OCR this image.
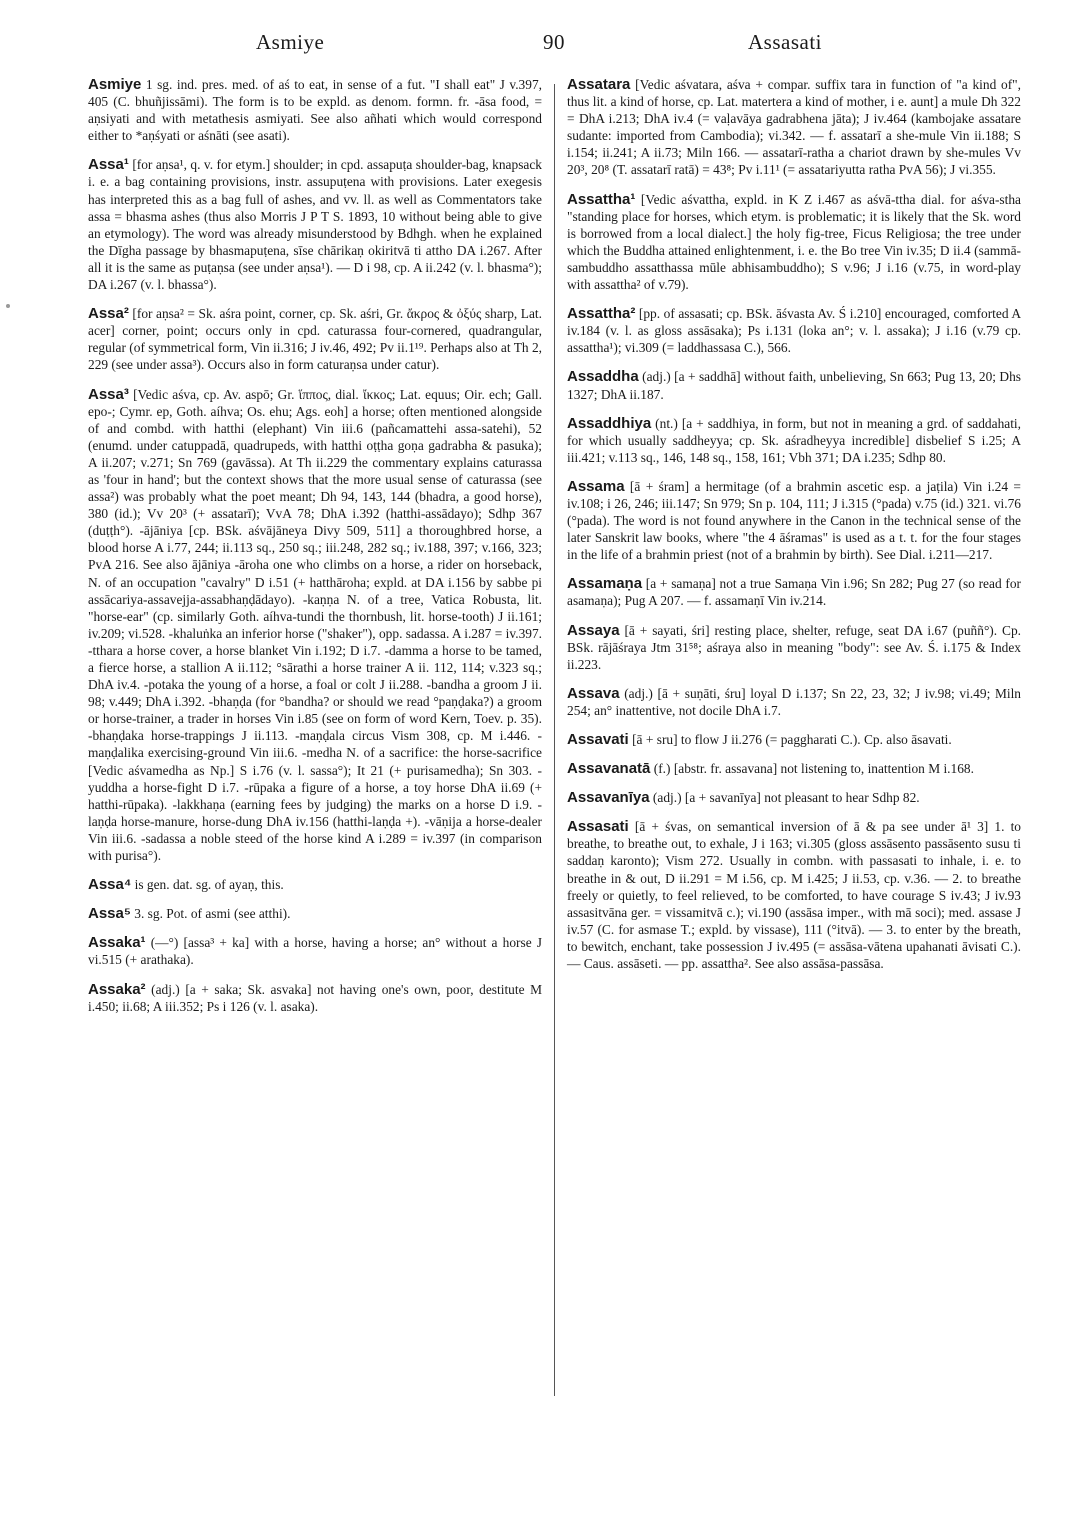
Asmiye	90	Assasati

Asmiye 1 sg. ind. pres. med. of aś to eat, in sense of a fut. "I shall eat" J v.397, 405 (C. bhuñjissāmi). The form is to be expld. as denom. formn. fr. -āsa food, = aṇsiyati and with metathesis asmiyati. See also añhati which would correspond either to *aṇśyati or aśnāti (see asati).

Assa¹ [for aṇsa¹, q. v. for etym.] shoulder; in cpd. assapuṭa shoulder-bag, knapsack i. e. a bag containing provisions, instr. assupuṭena with provisions. Later exegesis has interpreted this as a bag full of ashes, and vv. ll. as well as Commentators take assa = bhasma ashes (thus also Morris J P T S. 1893, 10 without being able to give an etymology). The word was already misunderstood by Bdhgh. when he explained the Dīgha passage by bhasmapuṭena, sīse chārikaṇ okiritvā ti attho DA i.267. After all it is the same as puṭaṇsa (see under aṇsa¹). — D i 98, cp. A ii.242 (v. l. bhasma°); DA i.267 (v. l. bhassa°).

Assa² [for aṇsa² = Sk. aśra point, corner, cp. Sk. aśri, Gr. ἄκρος & ὀξύς sharp, Lat. acer] corner, point; occurs only in cpd. caturassa four-cornered, quadrangular, regular (of symmetrical form, Vin ii.316; J iv.46, 492; Pv ii.1¹⁹. Perhaps also at Th 2, 229 (see under assa³). Occurs also in form caturaṇsa under catur).

Assa³ [Vedic aśva, cp. Av. aspō; Gr. ἵππος, dial. ἴκκος; Lat. equus; Oir. ech; Gall. epo-; Cymr. ep, Goth. aíhva; Os. ehu; Ags. eoh] a horse; often mentioned alongside of and combd. with hatthi (elephant) Vin iii.6 (pañcamattehi assa-satehi), 52 (enumd. under catuppadā, quadrupeds, with hatthi oṭṭha goṇa gadrabha & pasuka); A ii.207; v.271; Sn 769 (gavāssa). At Th ii.229 the commentary explains caturassa as 'four in hand'; but the context shows that the more usual sense of caturassa (see assa²) was probably what the poet meant; Dh 94, 143, 144 (bhadra, a good horse), 380 (id.); Vv 20³ (+ assatarī); VvA 78; DhA i.392 (hatthi-assādayo); Sdhp 367 (duṭṭh°). -ājāniya [cp. BSk. aśvājāneya Divy 509, 511] a thoroughbred horse, a blood horse A i.77, 244; ii.113 sq., 250 sq.; iii.248, 282 sq.; iv.188, 397; v.166, 323; PvA 216. See also ājāniya -āroha one who climbs on a horse, a rider on horseback, N. of an occupation "cavalry" D i.51 (+ hatthāroha; expld. at DA i.156 by sabbe pi assācariya-assavejja-assabhaṇḍādayo). -kaṇṇa N. of a tree, Vatica Robusta, lit. "horse-ear" (cp. similarly Goth. aíhva-tundi the thornbush, lit. horse-tooth) J ii.161; iv.209; vi.528. -khaluṅka an inferior horse ("shaker"), opp. sadassa. A i.287 = iv.397. -tthara a horse cover, a horse blanket Vin i.192; D i.7. -damma a horse to be tamed, a fierce horse, a stallion A ii.112; °sārathi a horse trainer A ii. 112, 114; v.323 sq.; DhA iv.4. -potaka the young of a horse, a foal or colt J ii.288. -bandha a groom J ii. 98; v.449; DhA i.392. -bhaṇḍa (for °bandha? or should we read °paṇḍaka?) a groom or horse-trainer, a trader in horses Vin i.85 (see on form of word Kern, Toev. p. 35). -bhaṇḍaka horse-trappings J ii.113. -maṇḍala circus Vism 308, cp. M i.446. -maṇḍalika exercising-ground Vin iii.6. -medha N. of a sacrifice: the horse-sacrifice [Vedic aśvamedha as Np.] S i.76 (v. l. sassa°); It 21 (+ purisamedha); Sn 303. -yuddha a horse-fight D i.7. -rūpaka a figure of a horse, a toy horse DhA ii.69 (+ hatthi-rūpaka). -lakkhaṇa (earning fees by judging) the marks on a horse D i.9. -laṇḍa horse-manure, horse-dung DhA iv.156 (hatthi-laṇḍa +). -vāṇija a horse-dealer Vin iii.6. -sadassa a noble steed of the horse kind A i.289 = iv.397 (in comparison with purisa°).

Assa⁴ is gen. dat. sg. of ayaṇ, this.

Assa⁵ 3. sg. Pot. of asmi (see atthi).

Assaka¹ (—°) [assa³ + ka] with a horse, having a horse; an° without a horse J vi.515 (+ arathaka).

Assaka² (adj.) [a + saka; Sk. asvaka] not having one's own, poor, destitute M i.450; ii.68; A iii.352; Ps i 126 (v. l. asaka).

Assatara [Vedic aśvatara, aśva + compar. suffix tara in function of "a kind of", thus lit. a kind of horse, cp. Lat. matertera a kind of mother, i e. aunt] a mule Dh 322 = DhA i.213; DhA iv.4 (= vaḷavāya gadrabhena jāta); J iv.464 (kambojake assatare sudante: imported from Cambodia); vi.342. — f. assatarī a she-mule Vin ii.188; S i.154; ii.241; A ii.73; Miln 166. — assatarī-ratha a chariot drawn by she-mules Vv 20³, 20⁸ (T. assatarī ratā) = 43⁸; Pv i.11¹ (= assatariyutta ratha PvA 56); J vi.355.

Assattha¹ [Vedic aśvattha, expld. in K Z i.467 as aśvā-ttha dial. for aśva-stha "standing place for horses, which etym. is problematic; it is likely that the Sk. word is borrowed from a local dialect.] the holy fig-tree, Ficus Religiosa; the tree under which the Buddha attained enlightenment, i. e. the Bo tree Vin iv.35; D ii.4 (sammā-sambuddho assatthassa mūle abhisambuddho); S v.96; J i.16 (v.75, in word-play with assattha² of v.79).

Assattha² [pp. of assasati; cp. BSk. āśvasta Av. Ś i.210] encouraged, comforted A iv.184 (v. l. as gloss assāsaka); Ps i.131 (loka an°; v. l. assaka); J i.16 (v.79 cp. assattha¹); vi.309 (= laddhassasa C.), 566.

Assaddha (adj.) [a + saddhā] without faith, unbelieving, Sn 663; Pug 13, 20; Dhs 1327; DhA ii.187.

Assaddhiya (nt.) [a + saddhiya, in form, but not in meaning a grd. of saddahati, for which usually saddheyya; cp. Sk. aśradheyya incredible] disbelief S i.25; A iii.421; v.113 sq., 146, 148 sq., 158, 161; Vbh 371; DA i.235; Sdhp 80.

Assama [ā + śram] a hermitage (of a brahmin ascetic esp. a jaṭila) Vin i.24 = iv.108; i 26, 246; iii.147; Sn 979; Sn p. 104, 111; J i.315 (°pada) v.75 (id.) 321. vi.76 (°pada). The word is not found anywhere in the Canon in the technical sense of the later Sanskrit law books, where "the 4 āśramas" is used as a t. t. for the four stages in the life of a brahmin priest (not of a brahmin by birth). See Dial. i.211—217.

Assamaṇa [a + samaṇa] not a true Samaṇa Vin i.96; Sn 282; Pug 27 (so read for asamaṇa); Pug A 207. — f. assamaṇī Vin iv.214.

Assaya [ā + sayati, śri] resting place, shelter, refuge, seat DA i.67 (puññ°). Cp. BSk. rājāśraya Jtm 31⁵⁸; aśraya also in meaning "body": see Av. Ś. i.175 & Index ii.223.

Assava (adj.) [ā + suṇāti, śru] loyal D i.137; Sn 22, 23, 32; J iv.98; vi.49; Miln 254; an° inattentive, not docile DhA i.7.

Assavati [ā + sru] to flow J ii.276 (= paggharati C.). Cp. also āsavati.

Assavanatā (f.) [abstr. fr. assavana] not listening to, inattention M i.168.

Assavanīya (adj.) [a + savanīya] not pleasant to hear Sdhp 82.

Assasati [ā + śvas, on semantical inversion of ā & pa see under ā¹ 3] 1. to breathe, to breathe out, to exhale, J i 163; vi.305 (gloss assāsento passāsento susu ti saddaṇ karonto); Vism 272. Usually in combn. with passasati to inhale, i. e. to breathe in & out, D ii.291 = M i.56, cp. M i.425; J ii.53, cp. v.36. — 2. to breathe freely or quietly, to feel relieved, to be comforted, to have courage S iv.43; J iv.93 assasitvāna ger. = vissamitvā c.); vi.190 (assāsa imper., with mā soci); med. assase J iv.57 (C. for asmase T.; expld. by vissase), 111 (°itvā). — 3. to enter by the breath, to bewitch, enchant, take possession J iv.495 (= assāsa-vātena upahanati āvisati C.). — Caus. assāseti. — pp. assattha². See also assāsa-passāsa.
